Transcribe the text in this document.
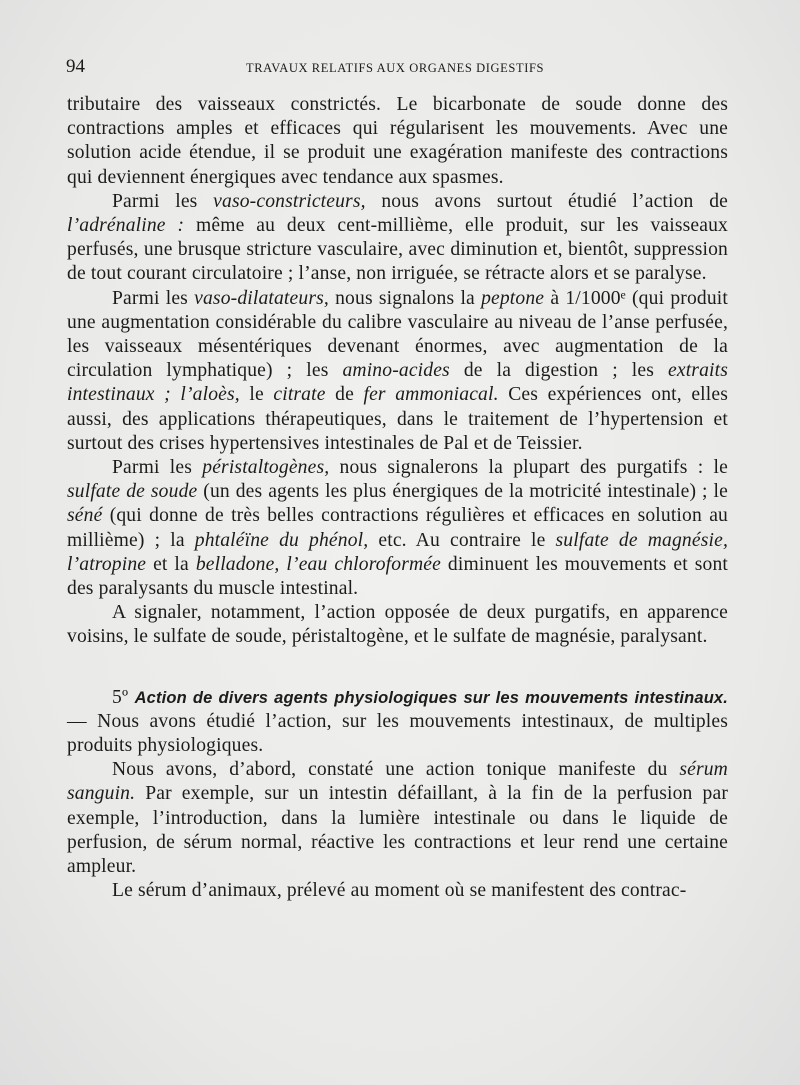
94	TRAVAUX RELATIFS AUX ORGANES DIGESTIFS

tributaire des vaisseaux constrictés. Le bicarbonate de soude donne des contractions amples et efficaces qui régularisent les mouvements. Avec une solution acide étendue, il se produit une exagération manifeste des contractions qui deviennent énergiques avec tendance aux spasmes.

Parmi les vaso-constricteurs, nous avons surtout étudié l’action de l’adrénaline : même au deux cent-millième, elle produit, sur les vaisseaux perfusés, une brusque stricture vasculaire, avec diminution et, bientôt, suppression de tout courant circulatoire ; l’anse, non irriguée, se rétracte alors et se paralyse.

Parmi les vaso-dilatateurs, nous signalons la peptone à 1/1000ᵉ (qui produit une augmentation considérable du calibre vasculaire au niveau de l’anse perfusée, les vaisseaux mésentériques devenant énormes, avec augmentation de la circulation lymphatique) ; les amino-acides de la digestion ; les extraits intestinaux ; l’aloès, le citrate de fer ammoniacal. Ces expériences ont, elles aussi, des applications thérapeutiques, dans le traitement de l’hypertension et surtout des crises hypertensives intestinales de Pal et de Teissier.

Parmi les péristaltogènes, nous signalerons la plupart des purgatifs : le sulfate de soude (un des agents les plus énergiques de la motricité intestinale) ; le séné (qui donne de très belles contractions régulières et efficaces en solution au millième) ; la phtaléïne du phénol, etc. Au contraire le sulfate de magnésie, l’atropine et la belladone, l’eau chloroformée diminuent les mouvements et sont des paralysants du muscle intestinal.

A signaler, notamment, l’action opposée de deux purgatifs, en apparence voisins, le sulfate de soude, péristaltogène, et le sulfate de magnésie, paralysant.

5º Action de divers agents physiologiques sur les mouvements intestinaux. — Nous avons étudié l’action, sur les mouvements intestinaux, de multiples produits physiologiques.

Nous avons, d’abord, constaté une action tonique manifeste du sérum sanguin. Par exemple, sur un intestin défaillant, à la fin de la perfusion par exemple, l’introduction, dans la lumière intestinale ou dans le liquide de perfusion, de sérum normal, réactive les contractions et leur rend une certaine ampleur.

Le sérum d’animaux, prélevé au moment où se manifestent des contrac-
